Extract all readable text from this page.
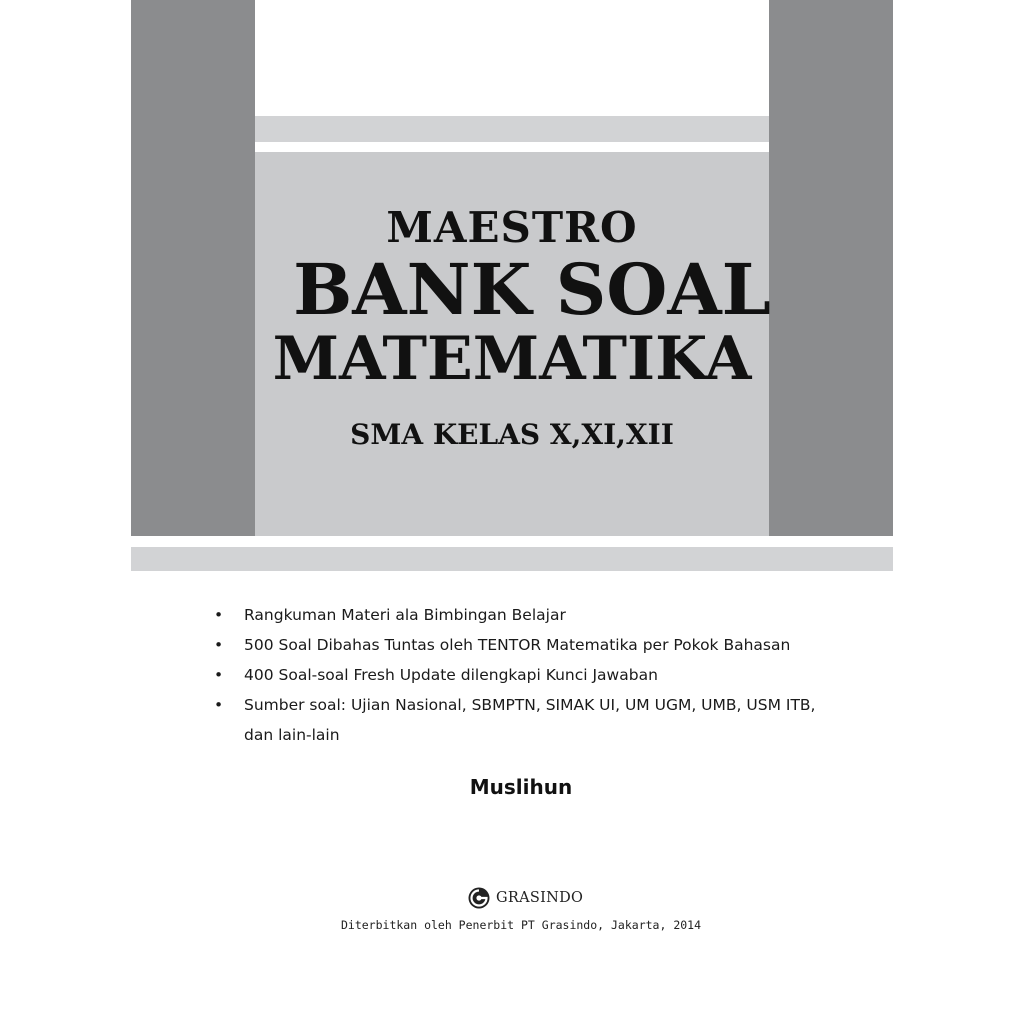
MAESTRO
BANK SOAL
MATEMATIKA
SMA KELAS X,XI,XII
• Rangkuman Materi ala Bimbingan Belajar
• 500 Soal Dibahas Tuntas oleh TENTOR Matematika per Pokok Bahasan
• 400 Soal-soal Fresh Update dilengkapi Kunci Jawaban
• Sumber soal: Ujian Nasional, SBMPTN, SIMAK UI, UM UGM, UMB, USM ITB, dan lain-lain
Muslihun
GRASINDO
Diterbitkan oleh Penerbit PT Grasindo, Jakarta, 2014
